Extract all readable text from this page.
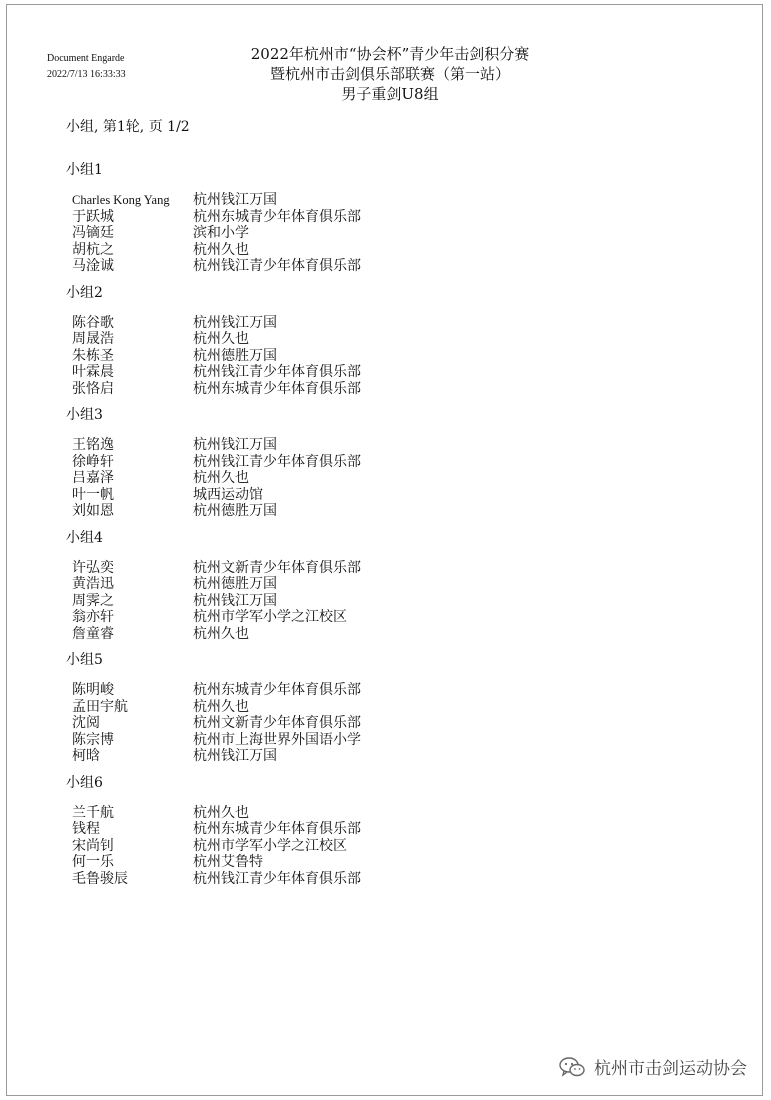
Document Engarde
2022/7/13 16:33:33
2022年杭州市“协会杯”青少年击剑积分赛
暨杭州市击剑俱乐部联赛（第一站）
男子重剑U8组
小组, 第1轮, 页 1/2
小组1
Charles Kong Yang	杭州钱江万国
于跃城	杭州东城青少年体育俱乐部
冯镝廷	滨和小学
胡杭之	杭州久也
马淦诚	杭州钱江青少年体育俱乐部
小组2
陈谷歌	杭州钱江万国
周晟浩	杭州久也
朱栋圣	杭州德胜万国
叶霖晨	杭州钱江青少年体育俱乐部
张恪启	杭州东城青少年体育俱乐部
小组3
王铭逸	杭州钱江万国
徐峥轩	杭州钱江青少年体育俱乐部
吕嘉泽	杭州久也
叶一帆	城西运动馆
刘如恩	杭州德胜万国
小组4
许弘奕	杭州文新青少年体育俱乐部
黄浩迅	杭州德胜万国
周霁之	杭州钱江万国
翁亦轩	杭州市学军小学之江校区
詹童睿	杭州久也
小组5
陈明峻	杭州东城青少年体育俱乐部
孟田宇航	杭州久也
沈阅	杭州文新青少年体育俱乐部
陈宗博	杭州市上海世界外国语小学
柯晗	杭州钱江万国
小组6
兰千航	杭州久也
钱程	杭州东城青少年体育俱乐部
宋尚钊	杭州市学军小学之江校区
何一乐	杭州艾鲁特
毛鲁骏辰	杭州钱江青少年体育俱乐部
杭州市击剑运动协会
